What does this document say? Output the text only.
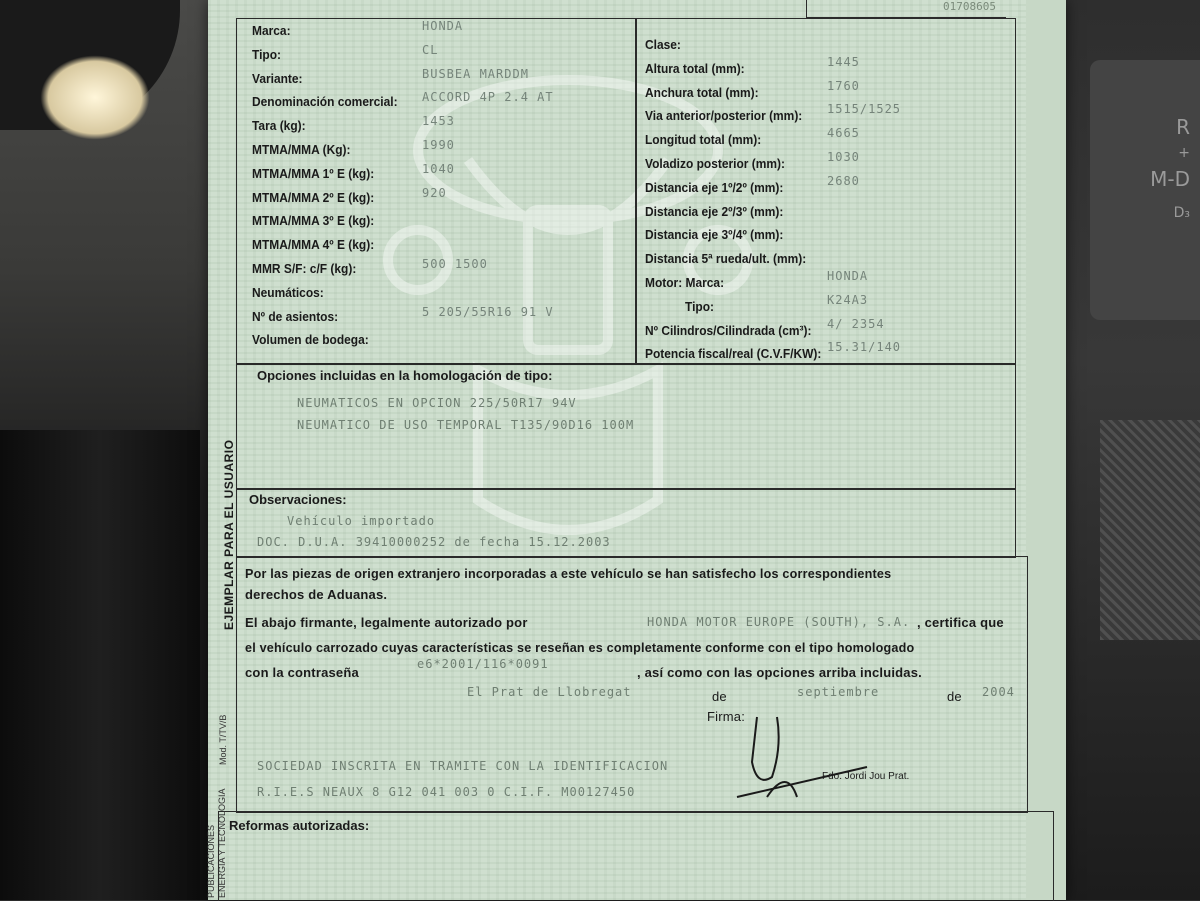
R
+
M-D
D₃
01708605
Marca:	HONDA
Tipo:	CL
Variante:	BUSBEA MARDDM
Denominación comercial: ACCORD 4P 2.4 AT
Tara (kg):	1453
MTMA/MMA (Kg):	1990
MTMA/MMA 1º E (kg):	1040
MTMA/MMA 2º E (kg):	920
MTMA/MMA 3º E (kg):
MTMA/MMA 4º E (kg):
MMR S/F: c/F (kg):	500 1500
Neumáticos:
Nº de asientos:	5 205/55R16 91 V
Volumen de bodega:
Clase:
Altura total (mm):	1445
Anchura total (mm):	1760
Via anterior/posterior (mm): 1515/1525
Longitud total (mm):	4665
Voladizo posterior (mm):	1030
Distancia eje 1º/2º (mm):	2680
Distancia eje 2º/3º (mm):
Distancia eje 3º/4º (mm):
Distancia 5ª rueda/ult. (mm):
Motor: Marca:	HONDA
Tipo:	K24A3
Nº Cilindros/Cilindrada (cm³): 4/ 2354
Potencia fiscal/real (C.V.F/KW): 15.31/140
Opciones incluidas en la homologación de tipo:
NEUMATICOS EN OPCION 225/50R17 94V
NEUMATICO DE USO TEMPORAL T135/90D16 100M
Observaciones:
Vehículo importado
DOC. D.U.A. 39410000252 de fecha 15.12.2003
Por las piezas de origen extranjero incorporadas a este vehículo se han satisfecho los correspondientes
derechos de Aduanas.
El abajo firmante, legalmente autorizado por	HONDA MOTOR EUROPE (SOUTH), S.A. , certifica que
el vehículo carrozado cuyas características se reseñan es completamente conforme con el tipo homologado
con la contraseña
e6*2001/116*0091
, así como con las opciones arriba incluidas.
El Prat de Llobregat	de	septiembre	de 2004
Firma:
SOCIEDAD INSCRITA EN TRAMITE CON LA IDENTIFICACION
R.I.E.S NEAUX 8 G12 041 003 0 C.I.F. M00127450
Fdo. Jordi Jou Prat.
Reformas autorizadas:
EJEMPLAR PARA EL USUARIO
Mod. T/TV/B
PUBLICACIONES
ENERGIA Y TECNOLOGIA
